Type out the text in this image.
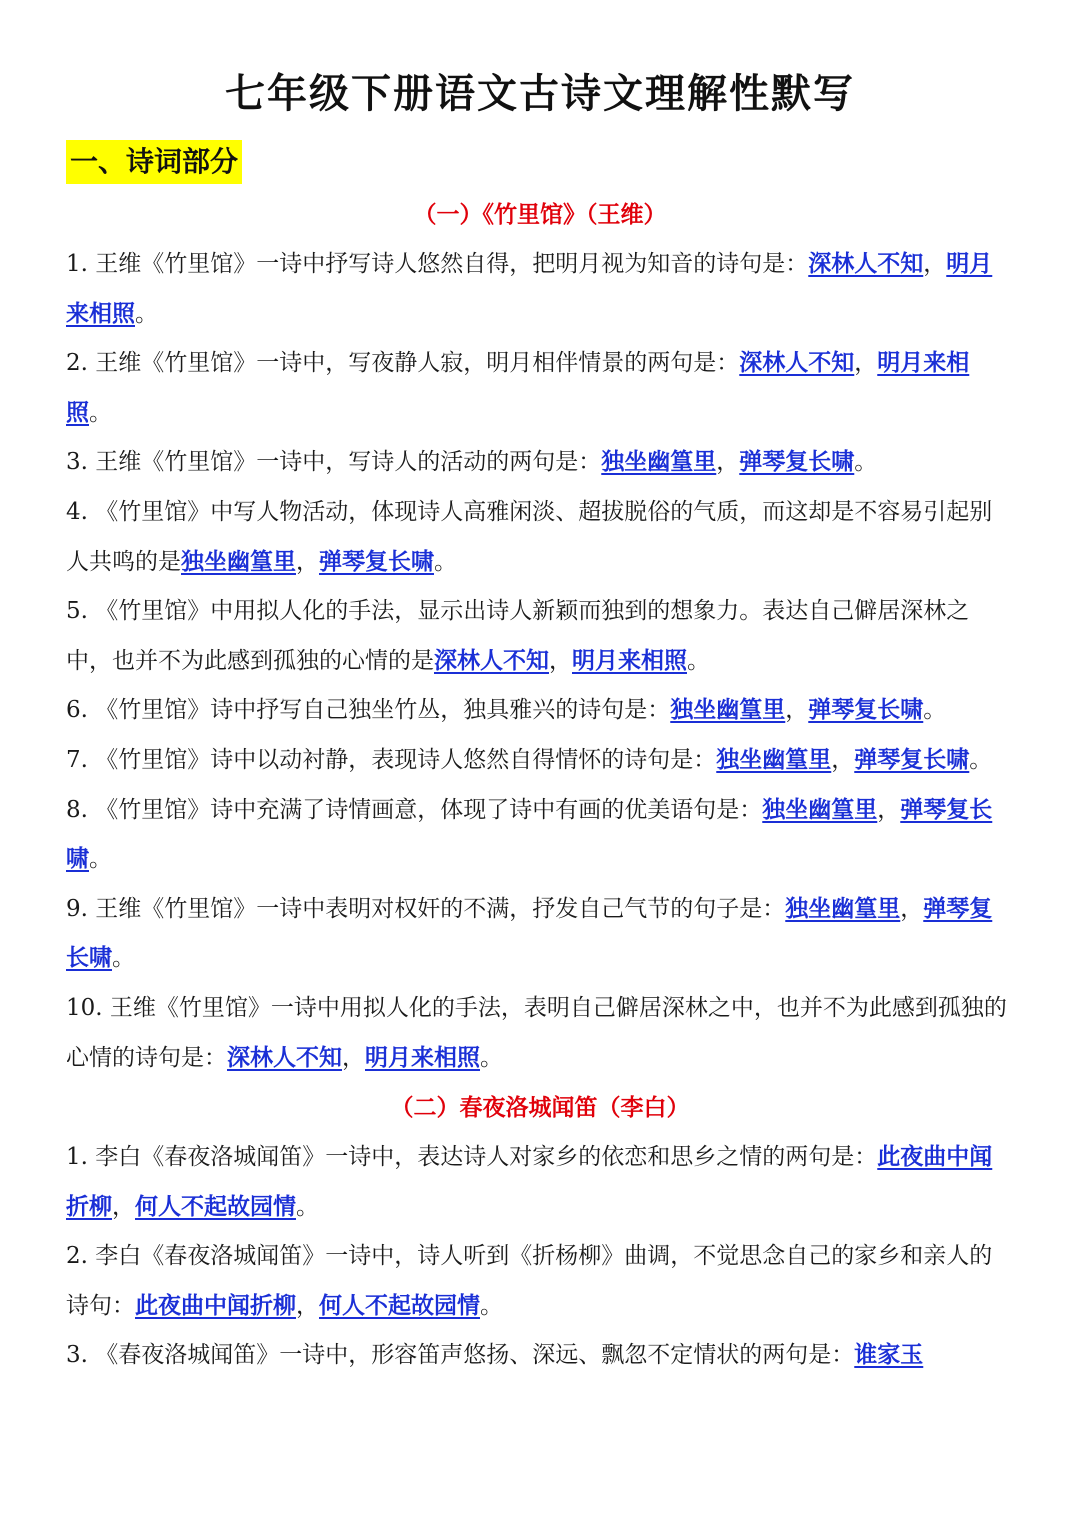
七年级下册语文古诗文理解性默写
一、诗词部分
（一）《竹里馆》（王维）

1. 王维《竹里馆》一诗中抒写诗人悠然自得，把明月视为知音的诗句是：深林人不知，明月来相照。

2. 王维《竹里馆》一诗中，写夜静人寂，明月相伴情景的两句是：深林人不知，明月来相照。

3. 王维《竹里馆》一诗中，写诗人的活动的两句是：独坐幽篁里，弹琴复长啸。

4. 《竹里馆》中写人物活动，体现诗人高雅闲淡、超拔脱俗的气质，而这却是不容易引起别人共鸣的是独坐幽篁里，弹琴复长啸。

5. 《竹里馆》中用拟人化的手法，显示出诗人新颖而独到的想象力。表达自己僻居深林之中，也并不为此感到孤独的心情的是深林人不知，明月来相照。

6. 《竹里馆》诗中抒写自己独坐竹丛，独具雅兴的诗句是：独坐幽篁里，弹琴复长啸。

7. 《竹里馆》诗中以动衬静，表现诗人悠然自得情怀的诗句是：独坐幽篁里，弹琴复长啸。

8. 《竹里馆》诗中充满了诗情画意，体现了诗中有画的优美语句是：独坐幽篁里，弹琴复长啸。

9. 王维《竹里馆》一诗中表明对权奸的不满，抒发自己气节的句子是：独坐幽篁里，弹琴复长啸。

10. 王维《竹里馆》一诗中用拟人化的手法，表明自己僻居深林之中，也并不为此感到孤独的心情的诗句是：深林人不知，明月来相照。

（二）春夜洛城闻笛（李白）

1. 李白《春夜洛城闻笛》一诗中，表达诗人对家乡的依恋和思乡之情的两句是：此夜曲中闻折柳，何人不起故园情。

2. 李白《春夜洛城闻笛》一诗中，诗人听到《折杨柳》曲调，不觉思念自己的家乡和亲人的诗句：此夜曲中闻折柳，何人不起故园情。

3. 《春夜洛城闻笛》一诗中，形容笛声悠扬、深远、飘忽不定情状的两句是：谁家玉
